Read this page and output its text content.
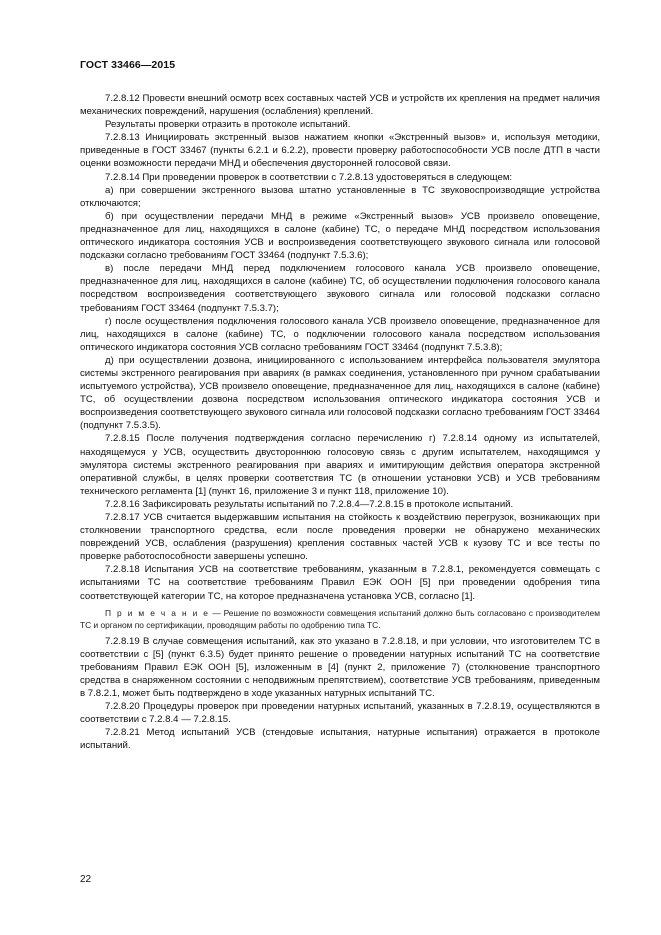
ГОСТ 33466—2015

7.2.8.12 Провести внешний осмотр всех составных частей УСВ и устройств их крепления на предмет наличия механических повреждений, нарушения (ослабления) креплений.

Результаты проверки отразить в протоколе испытаний.

7.2.8.13 Инициировать экстренный вызов нажатием кнопки «Экстренный вызов» и, используя методики, приведенные в ГОСТ 33467 (пункты 6.2.1 и 6.2.2), провести проверку работоспособности УСВ после ДТП в части оценки возможности передачи МНД и обеспечения двусторонней голосовой связи.

7.2.8.14 При проведении проверок в соответствии с 7.2.8.13 удостоверяться в следующем:

а) при совершении экстренного вызова штатно установленные в ТС звуковоспроизводящие устройства отключаются;

б) при осуществлении передачи МНД в режиме «Экстренный вызов» УСВ произвело оповещение, предназначенное для лиц, находящихся в салоне (кабине) ТС, о передаче МНД посредством использования оптического индикатора состояния УСВ и воспроизведения соответствующего звукового сигнала или голосовой подсказки согласно требованиям ГОСТ 33464 (подпункт 7.5.3.6);

в) после передачи МНД перед подключением голосового канала УСВ произвело оповещение, предназначенное для лиц, находящихся в салоне (кабине) ТС, об осуществлении подключения голосового канала посредством воспроизведения соответствующего звукового сигнала или голосовой подсказки согласно требованиям ГОСТ 33464 (подпункт 7.5.3.7);

г) после осуществления подключения голосового канала УСВ произвело оповещение, предназначенное для лиц, находящихся в салоне (кабине) ТС, о подключении голосового канала посредством использования оптического индикатора состояния УСВ согласно требованиям ГОСТ 33464 (подпункт 7.5.3.8);

д) при осуществлении дозвона, инициированного с использованием интерфейса пользователя эмулятора системы экстренного реагирования при авариях (в рамках соединения, установленного при ручном срабатывании испытуемого устройства), УСВ произвело оповещение, предназначенное для лиц, находящихся в салоне (кабине) ТС, об осуществлении дозвона посредством использования оптического индикатора состояния УСВ и воспроизведения соответствующего звукового сигнала или голосовой подсказки согласно требованиям ГОСТ 33464 (подпункт 7.5.3.5).

7.2.8.15 После получения подтверждения согласно перечислению г) 7.2.8.14 одному из испытателей, находящемуся у УСВ, осуществить двустороннюю голосовую связь с другим испытателем, находящимся у эмулятора системы экстренного реагирования при авариях и имитирующим действия оператора экстренной оперативной службы, в целях проверки соответствия ТС (в отношении установки УСВ) и УСВ требованиям технического регламента [1] (пункт 16, приложение 3 и пункт 118, приложение 10).

7.2.8.16 Зафиксировать результаты испытаний по 7.2.8.4—7.2.8.15 в протоколе испытаний.

7.2.8.17 УСВ считается выдержавшим испытания на стойкость к воздействию перегрузок, возникающих при столкновении транспортного средства, если после проведения проверки не обнаружено механических повреждений УСВ, ослабления (разрушения) крепления составных частей УСВ к кузову ТС и все тесты по проверке работоспособности завершены успешно.

7.2.8.18 Испытания УСВ на соответствие требованиям, указанным в 7.2.8.1, рекомендуется совмещать с испытаниями ТС на соответствие требованиям Правил ЕЭК ООН [5] при проведении одобрения типа соответствующей категории ТС, на которое предназначена установка УСВ, согласно [1].

П р и м е ч а н и е — Решение по возможности совмещения испытаний должно быть согласовано с производителем ТС и органом по сертификации, проводящим работы по одобрению типа ТС.

7.2.8.19 В случае совмещения испытаний, как это указано в 7.2.8.18, и при условии, что изготовителем ТС в соответствии с [5] (пункт 6.3.5) будет принято решение о проведении натурных испытаний ТС на соответствие требованиям Правил ЕЭК ООН [5], изложенным в [4] (пункт 2, приложение 7) (столкновение транспортного средства в снаряженном состоянии с неподвижным препятствием), соответствие УСВ требованиям, приведенным в 7.8.2.1, может быть подтверждено в ходе указанных натурных испытаний ТС.

7.2.8.20 Процедуры проверок при проведении натурных испытаний, указанных в 7.2.8.19, осуществляются в соответствии с 7.2.8.4 — 7.2.8.15.

7.2.8.21 Метод испытаний УСВ (стендовые испытания, натурные испытания) отражается в протоколе испытаний.

22
